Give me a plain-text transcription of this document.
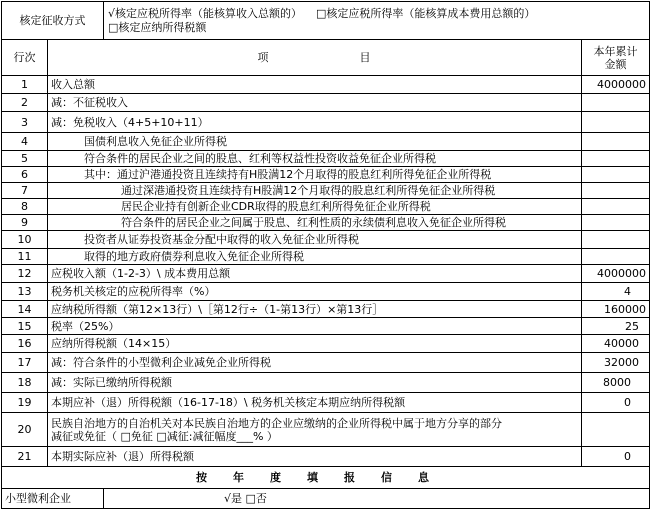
核定征收方式		√核定应税所得率（能核算收入总额的） □核定应税所得率（能核算成本费用总额的）
□核定应纳所得税额	
行次	项                    目		本年累计
金额

1	收入总额		4000000
2	减：不征税收入		
3	减：免税收入（4+5+10+11）		
4	国债利息收入免征企业所得税		
5	符合条件的居民企业之间的股息、红利等权益性投资收益免征企业所得税		
6	其中：通过沪港通投资且连续持有H股满12个月取得的股息红利所得免征企业所得税		
7	通过深港通投资且连续持有H股满12个月取得的股息红利所得免征企业所得税		
8	居民企业持有创新企业CDR取得的股息红利所得免征企业所得税		
9	符合条件的居民企业之间属于股息、红利性质的永续债利息收入免征企业所得税		
10	投资者从证券投资基金分配中取得的收入免征企业所得税		
11	取得的地方政府债券利息收入免征企业所得税		
12	应税收入额（1-2-3）\ 成本费用总额		4000000
13	税务机关核定的应税所得率（%）		4
14	应纳税所得额（第12×13行）\［第12行÷（1-第13行）×第13行］		160000
15	税率（25%）		25
16	应纳所得税额（14×15）		40000
17	减：符合条件的小型微利企业减免企业所得税		32000
18	减：实际已缴纳所得税额		8000
19	本期应补（退）所得税额（16-17-18）\ 税务机关核定本期应纳所得税额		0
20	民族自治地方的自治机关对本民族自治地方的企业应缴纳的企业所得税中属于地方分享的部分
减征或免征（ □免征 □减征:减征幅度___% ）		

21	本期实际应补（退）所得税额		0
按年度填报信息			
小型微利企业		√是 □否	
